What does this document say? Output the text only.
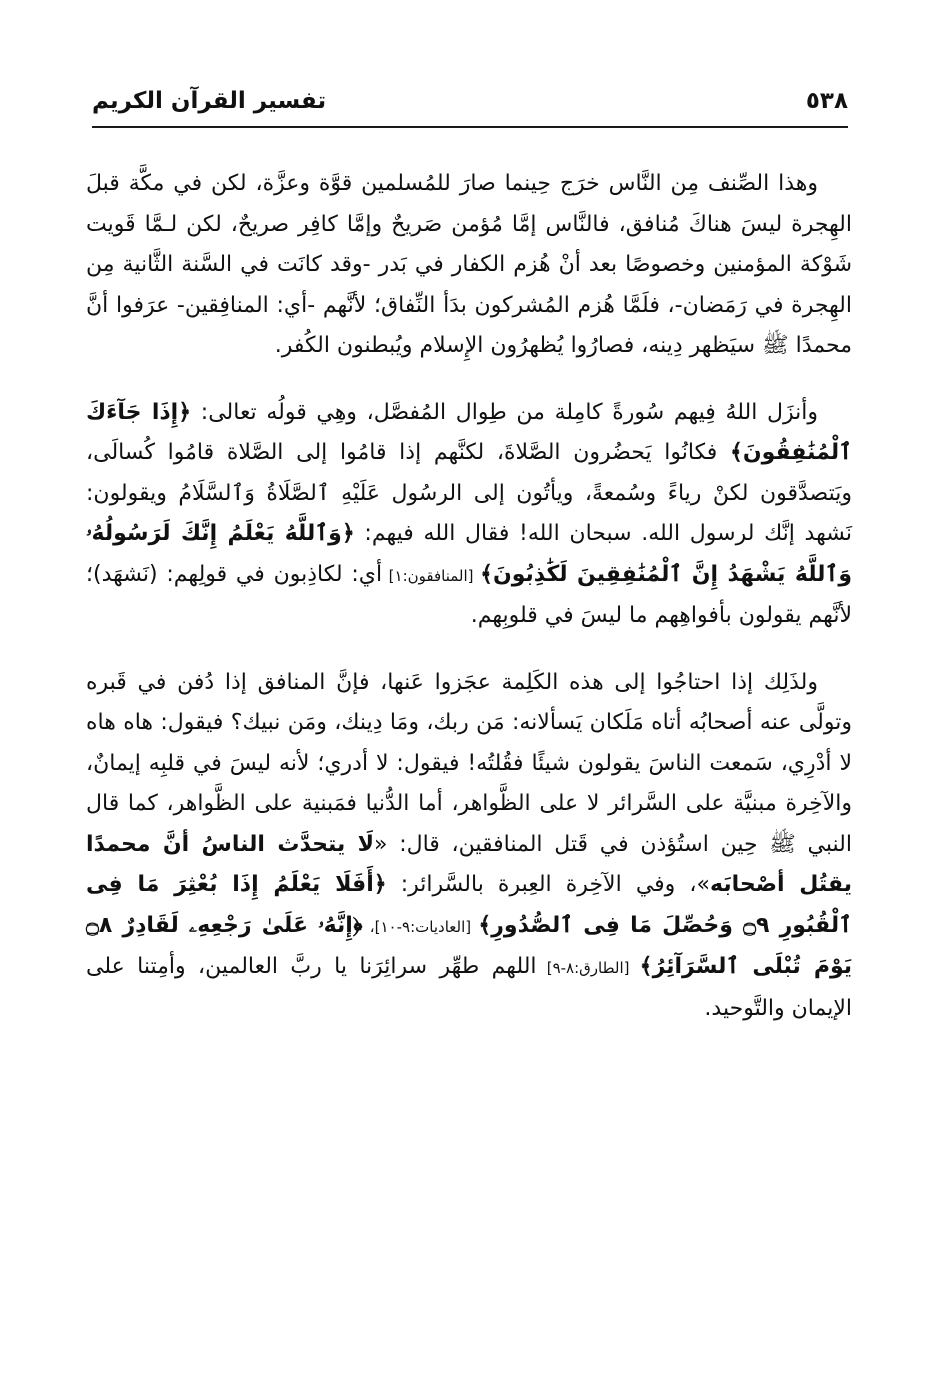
٥٣٨
تفسير القرآن الكريم

وهذا الصِّنف مِن النَّاس خرَج حِينما صارَ للمُسلمين قوَّة وعزَّة، لكن في مكَّة قبلَ الهِجرة ليسَ هناكَ مُنافق، فالنَّاس إمَّا مُؤمن صَريحٌ وإمَّا كافِر صريحٌ، لكن لـمَّا قَويت شَوْكة المؤمنين وخصوصًا بعد أنْ هُزم الكفار في بَدر -وقد كانَت في السَّنة الثَّانية مِن الهِجرة في رَمَضان-، فلَمَّا هُزم المُشركون بدَأ النِّفاق؛ لأنَّهم -أي: المنافِقين- عرَفوا أنَّ محمدًا ﷺ سيَظهر دِينه، فصارُوا يُظهرُون الإِسلام ويُبطنون الكُفر.

وأنزَل اللهُ فِيهم سُورةً كامِلة من طِوال المُفصَّل، وهِي قولُه تعالى: ﴿إِذَا جَآءَكَ ٱلْمُنَٰفِقُونَ﴾ فكانُوا يَحضُرون الصَّلاةَ، لكنَّهم إذا قامُوا إلى الصَّلاة قامُوا كُسالَى، ويَتصدَّقون لكنْ رياءً وسُمعةً، ويأتُون إلى الرسُول عَلَيْهِ ٱلصَّلَاةُ وَٱلسَّلَامُ ويقولون: نَشهد إنَّك لرسول الله. سبحان الله! فقال الله فيهم: ﴿وَٱللَّهُ يَعْلَمُ إِنَّكَ لَرَسُولُهُۥ وَٱللَّهُ يَشْهَدُ إِنَّ ٱلْمُنَٰفِقِينَ لَكَٰذِبُونَ﴾ [المنافقون:١] أي: لكاذِبون في قولِهم: (نَشهَد)؛ لأنَّهم يقولون بأفواهِهم ما ليسَ في قلوبِهم.

ولذَلِك إذا احتاجُوا إلى هذه الكَلِمة عجَزوا عَنها، فإنَّ المنافق إذا دُفن في قَبره وتولَّى عنه أصحابُه أتاه مَلَكان يَسألانه: مَن ربك، ومَا دِينك، ومَن نبيك؟ فيقول: هاه هاه لا أدْرِي، سَمعت الناسَ يقولون شيئًا فقُلتُه! فيقول: لا أدري؛ لأنه ليسَ في قلبِه إيمانٌ، والآخِرة مبنيَّة على السَّرائر لا على الظَّواهر، أما الدُّنيا فمَبنية على الظَّواهر، كما قال النبي ﷺ حِين استُؤذن في قَتل المنافقين، قال: «لَا يتحدَّث الناسُ أنَّ محمدًا يقتُل أصْحابَه»، وفي الآخِرة العِبرة بالسَّرائر: ﴿أَفَلَا يَعْلَمُ إِذَا بُعْثِرَ مَا فِى ٱلْقُبُورِ ۝٩ وَحُصِّلَ مَا فِى ٱلصُّدُورِ﴾ [العاديات:٩-١٠]، ﴿إِنَّهُۥ عَلَىٰ رَجْعِهِۦ لَقَادِرٌ ۝٨ يَوْمَ تُبْلَى ٱلسَّرَآئِرُ﴾ [الطارق:٨-٩] اللهم طهِّر سرائِرَنا يا ربَّ العالمين، وأمِتنا على الإيمان والتَّوحيد.
